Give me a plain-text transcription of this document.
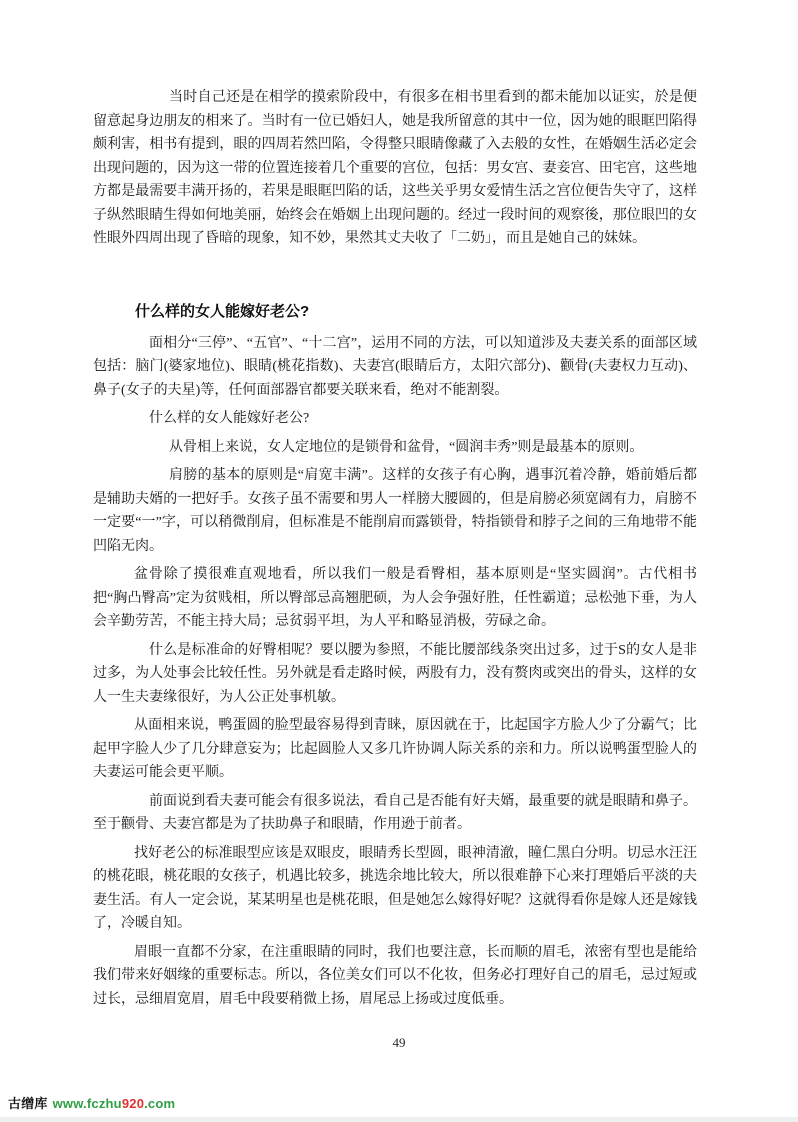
当时自己还是在相学的摸索阶段中，有很多在相书里看到的都未能加以证实，於是便留意起身边朋友的相来了。当时有一位已婚妇人，她是我所留意的其中一位，因为她的眼眶凹陷得颇利害，相书有提到，眼的四周若然凹陷，令得整只眼睛像藏了入去般的女性，在婚姻生活必定会出现问题的，因为这一带的位置连接着几个重要的宫位，包括：男女宫、妻妾宫、田宅宫，这些地方都是最需要丰满开扬的，若果是眼眶凹陷的话，这些关乎男女爱情生活之宫位便告失守了，这样子纵然眼睛生得如何地美丽，始终会在婚姻上出现问题的。经过一段时间的观察後，那位眼凹的女性眼外四周出现了昏暗的现象，知不妙，果然其丈夫收了「二奶」，而且是她自己的妹妹。

什么样的女人能嫁好老公?

面相分“三停”、“五官”、“十二宫”，运用不同的方法，可以知道涉及夫妻关系的面部区域包括：脑门(婆家地位)、眼睛(桃花指数)、夫妻宫(眼睛后方，太阳穴部分)、颧骨(夫妻权力互动)、鼻子(女子的夫星)等，任何面部器官都要关联来看，绝对不能割裂。

什么样的女人能嫁好老公?

从骨相上来说，女人定地位的是锁骨和盆骨，“圆润丰秀”则是最基本的原则。

肩膀的基本的原则是“肩宽丰满”。这样的女孩子有心胸，遇事沉着冷静，婚前婚后都是辅助夫婿的一把好手。女孩子虽不需要和男人一样膀大腰圆的，但是肩膀必须宽阔有力，肩膀不一定要“一”字，可以稍微削肩，但标准是不能削肩而露锁骨，特指锁骨和脖子之间的三角地带不能凹陷无肉。

盆骨除了摸很难直观地看，所以我们一般是看臀相，基本原则是“坚实圆润”。古代相书把“胸凸臀高”定为贫贱相，所以臀部忌高翘肥硕，为人会争强好胜，任性霸道；忌松弛下垂，为人会辛勤劳苦，不能主持大局；忌贫弱平坦，为人平和略显消极，劳碌之命。

什么是标准命的好臀相呢？要以腰为参照，不能比腰部线条突出过多，过于S的女人是非过多，为人处事会比较任性。另外就是看走路时候，两股有力，没有赘肉或突出的骨头，这样的女人一生夫妻缘很好，为人公正处事机敏。

从面相来说，鸭蛋圆的脸型最容易得到青睐，原因就在于，比起国字方脸人少了分霸气；比起甲字脸人少了几分肆意妄为；比起圆脸人又多几许协调人际关系的亲和力。所以说鸭蛋型脸人的夫妻运可能会更平顺。

前面说到看夫妻可能会有很多说法，看自己是否能有好夫婿，最重要的就是眼睛和鼻子。至于颧骨、夫妻宫都是为了扶助鼻子和眼睛，作用逊于前者。

找好老公的标准眼型应该是双眼皮，眼睛秀长型圆，眼神清澈，瞳仁黑白分明。切忌水汪汪的桃花眼，桃花眼的女孩子，机遇比较多，挑选余地比较大，所以很难静下心来打理婚后平淡的夫妻生活。有人一定会说，某某明星也是桃花眼，但是她怎么嫁得好呢？这就得看你是嫁人还是嫁钱了，冷暖自知。

眉眼一直都不分家，在注重眼睛的同时，我们也要注意，长而顺的眉毛，浓密有型也是能给我们带来好姻缘的重要标志。所以，各位美女们可以不化妆，但务必打理好自己的眉毛，忌过短或过长，忌细眉宽眉，眉毛中段要稍微上扬，眉尾忌上扬或过度低垂。

49
古缯库 www.fczhu920.com
